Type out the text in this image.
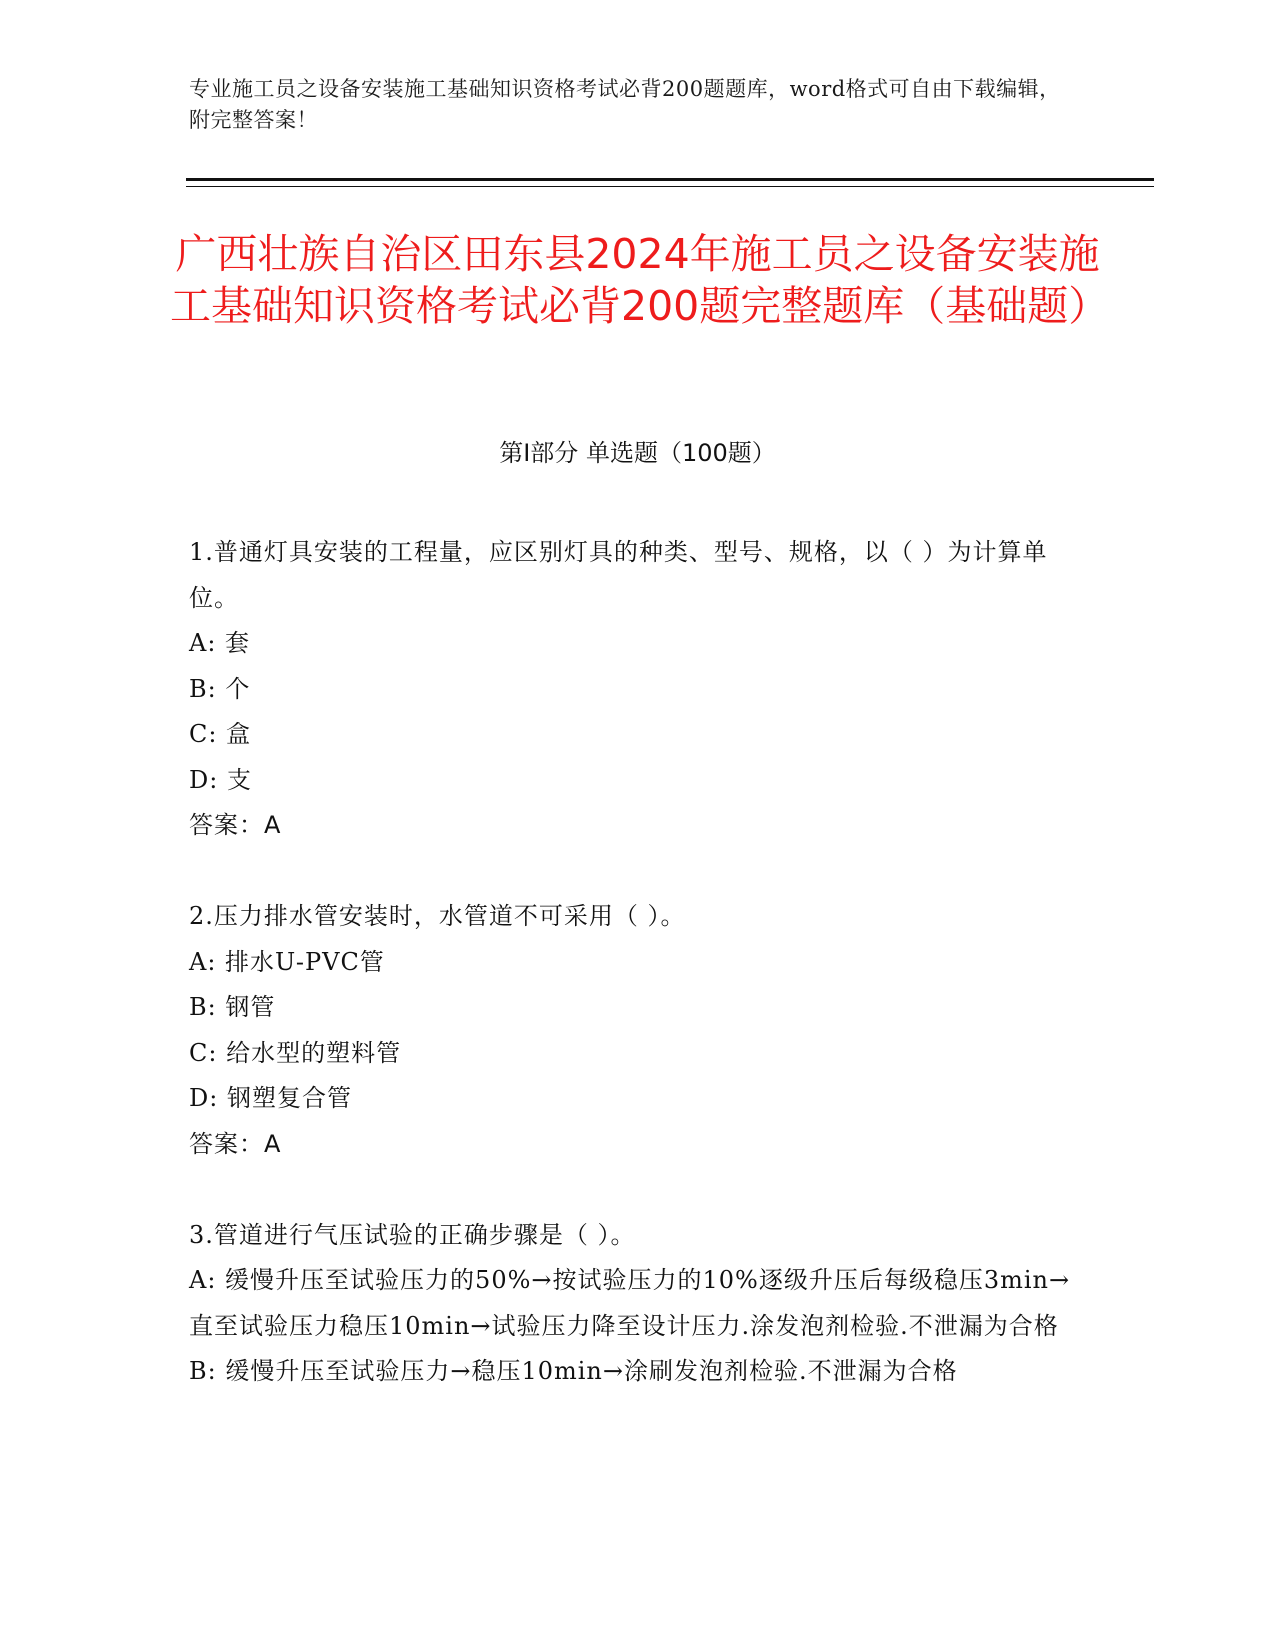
专业施工员之设备安装施工基础知识资格考试必背200题题库，word格式可自由下载编辑，附完整答案！
广西壮族自治区田东县2024年施工员之设备安装施工基础知识资格考试必背200题完整题库（基础题）
第Ⅰ部分 单选题（100题）

1.普通灯具安装的工程量，应区别灯具的种类、型号、规格，以（ ）为计算单位。

A: 套

B: 个

C: 盒

D: 支

答案：A

2.压力排水管安装时，水管道不可采用（ ）。

A: 排水U-PVC管

B: 钢管

C: 给水型的塑料管

D: 钢塑复合管

答案：A

3.管道进行气压试验的正确步骤是（ ）。

A: 缓慢升压至试验压力的50%→按试验压力的10%逐级升压后每级稳压3min→直至试验压力稳压10min→试验压力降至设计压力.涂发泡剂检验.不泄漏为合格

B: 缓慢升压至试验压力→稳压10min→涂刷发泡剂检验.不泄漏为合格
